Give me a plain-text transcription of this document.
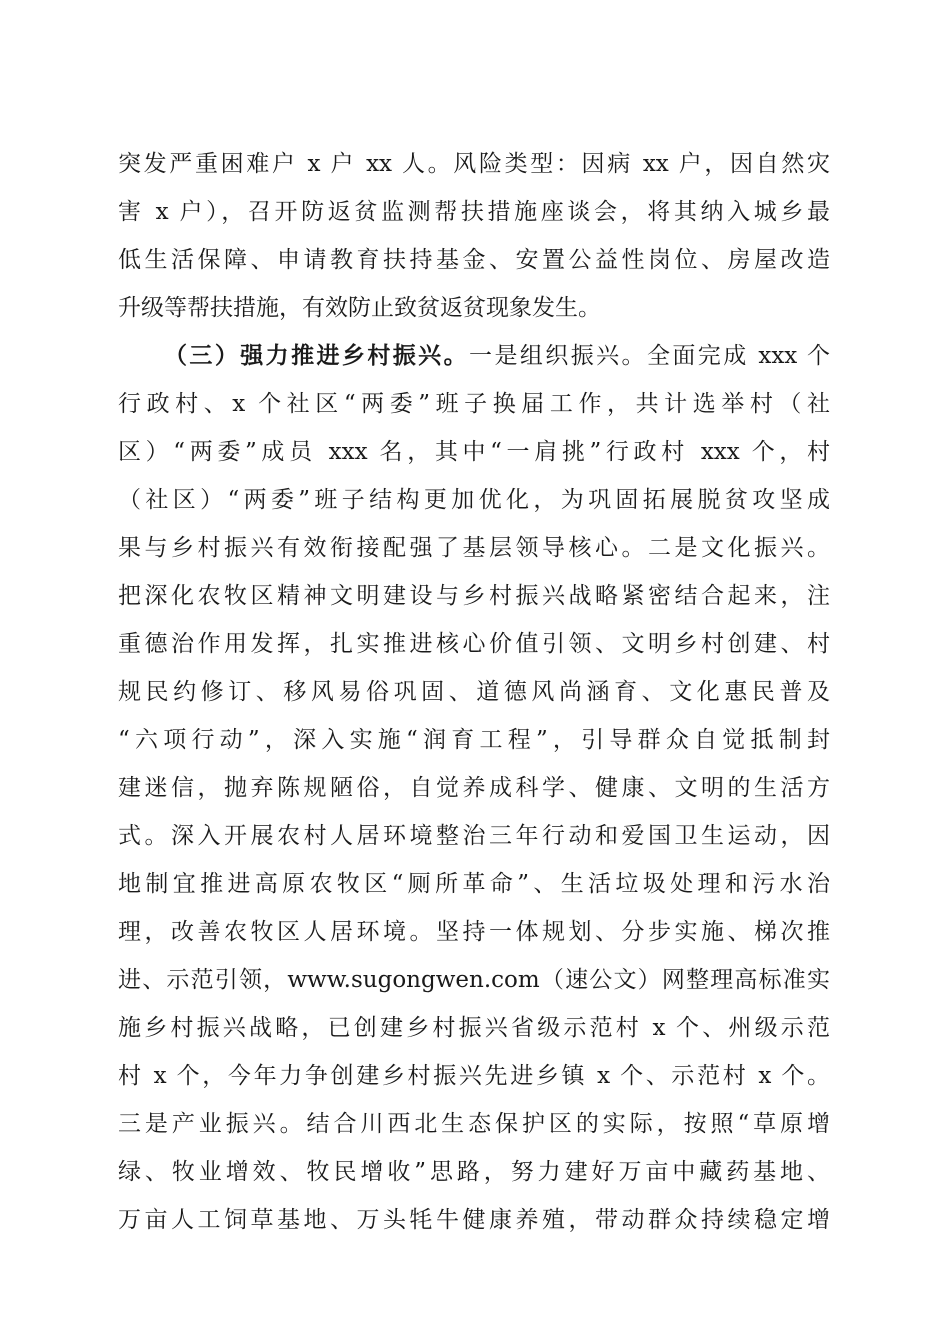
突发严重困难户 x 户 xx 人。风险类型：因病 xx 户，因自然灾
害 x 户），召开防返贫监测帮扶措施座谈会，将其纳入城乡最
低生活保障、申请教育扶持基金、安置公益性岗位、房屋改造
升级等帮扶措施，有效防止致贫返贫现象发生。
（三）强力推进乡村振兴。一是组织振兴。全面完成 xxx 个
行政村、x 个社区“两委”班子换届工作，共计选举村（社
区）“两委”成员 xxx 名，其中“一肩挑”行政村 xxx 个，村
（社区）“两委”班子结构更加优化，为巩固拓展脱贫攻坚成
果与乡村振兴有效衔接配强了基层领导核心。二是文化振兴。
把深化农牧区精神文明建设与乡村振兴战略紧密结合起来，注
重德治作用发挥，扎实推进核心价值引领、文明乡村创建、村
规民约修订、移风易俗巩固、道德风尚涵育、文化惠民普及
“六项行动”，深入实施“润育工程”，引导群众自觉抵制封
建迷信，抛弃陈规陋俗，自觉养成科学、健康、文明的生活方
式。深入开展农村人居环境整治三年行动和爱国卫生运动，因
地制宜推进高原农牧区“厕所革命”、生活垃圾处理和污水治
理，改善农牧区人居环境。坚持一体规划、分步实施、梯次推
进、示范引领，www.sugongwen.com（速公文）网整理高标准实
施乡村振兴战略，已创建乡村振兴省级示范村 x 个、州级示范
村 x 个，今年力争创建乡村振兴先进乡镇 x 个、示范村 x 个。
三是产业振兴。结合川西北生态保护区的实际，按照“草原增
绿、牧业增效、牧民增收”思路，努力建好万亩中藏药基地、
万亩人工饲草基地、万头牦牛健康养殖，带动群众持续稳定增
